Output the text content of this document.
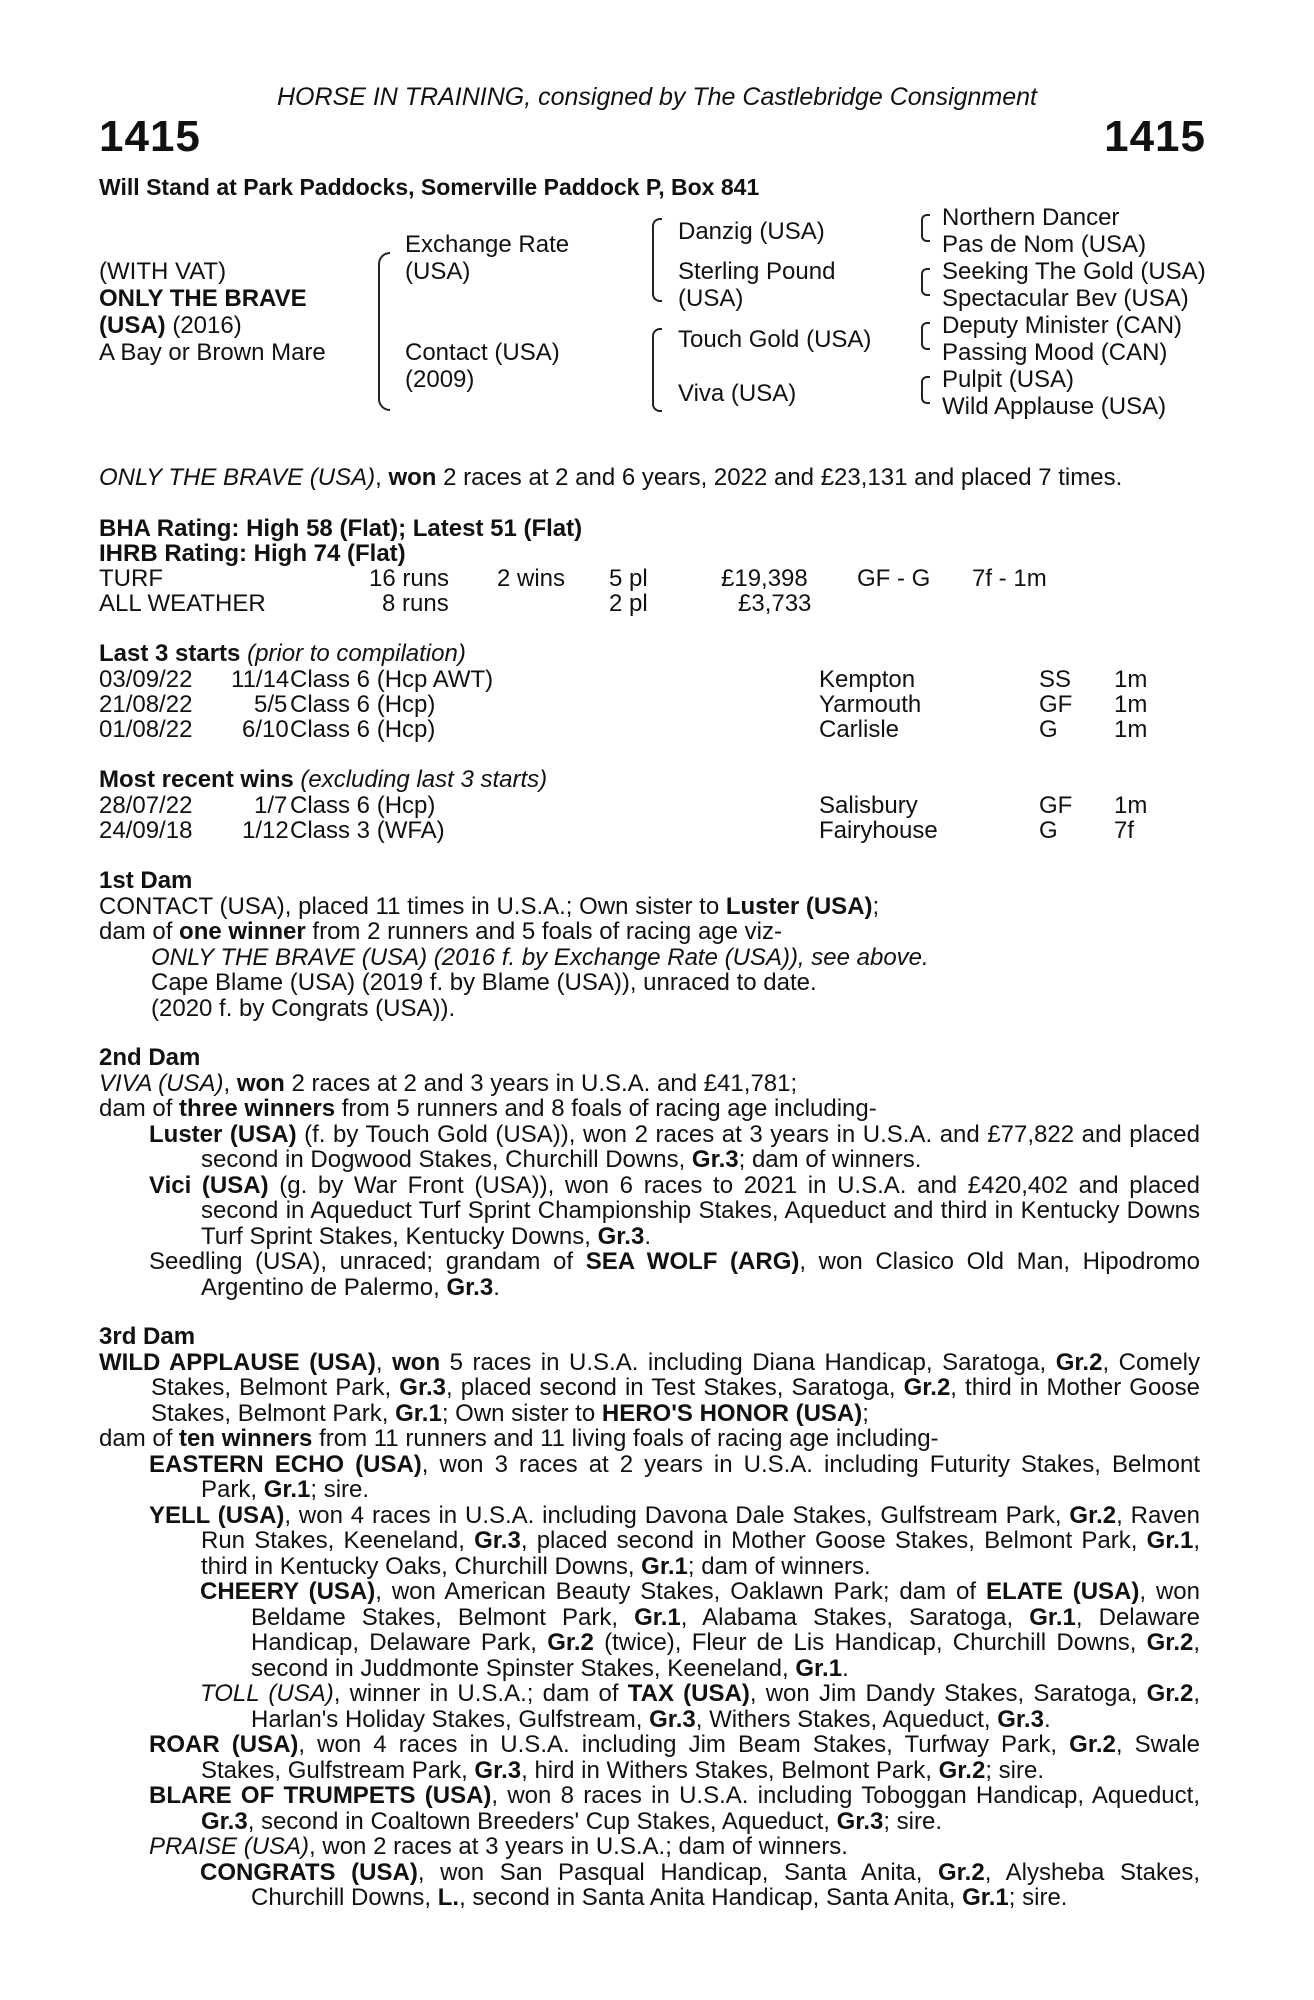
HORSE IN TRAINING, consigned by The Castlebridge Consignment
1415	1415
Will Stand at Park Paddocks, Somerville Paddock P, Box 841
(WITH VAT)
ONLY THE BRAVE
(USA) (2016)
A Bay or Brown Mare
Exchange Rate
(USA)
Contact (USA)
(2009)
Danzig (USA)
Sterling Pound
(USA)
Touch Gold (USA)
Viva (USA)
Northern Dancer
Pas de Nom (USA)
Seeking The Gold (USA)
Spectacular Bev (USA)
Deputy Minister (CAN)
Passing Mood (CAN)
Pulpit (USA)
Wild Applause (USA)
ONLY THE BRAVE (USA), won 2 races at 2 and 6 years, 2022 and £23,131 and placed 7 times.
BHA Rating: High 58 (Flat); Latest 51 (Flat)
IHRB Rating: High 74 (Flat)
TURF	16 runs 2 wins 5 pl	£19,398 GF - G 7f - 1m
ALL WEATHER	8 runs	2 pl	£3,733
Last 3 starts (prior to compilation)
03/09/22 11/14 Class 6 (Hcp AWT)	Kempton	SS 1m
21/08/22	5/5 Class 6 (Hcp)	Yarmouth	GF 1m
01/08/22 6/10 Class 6 (Hcp)	Carlisle	G 1m
Most recent wins (excluding last 3 starts)
28/07/22	1/7 Class 6 (Hcp)	Salisbury	GF 1m
24/09/18 1/12 Class 3 (WFA)	Fairyhouse	G 7f

1st Dam

CONTACT (USA), placed 11 times in U.S.A.; Own sister to Luster (USA);

dam of one winner from 2 runners and 5 foals of racing age viz-

ONLY THE BRAVE (USA) (2016 f. by Exchange Rate (USA)), see above.

Cape Blame (USA) (2019 f. by Blame (USA)), unraced to date.

(2020 f. by Congrats (USA)).

2nd Dam

VIVA (USA), won 2 races at 2 and 3 years in U.S.A. and £41,781;

dam of three winners from 5 runners and 8 foals of racing age including-

Luster (USA) (f. by Touch Gold (USA)), won 2 races at 3 years in U.S.A. and £77,822 and placed second in Dogwood Stakes, Churchill Downs, Gr.3; dam of winners.

Vici (USA) (g. by War Front (USA)), won 6 races to 2021 in U.S.A. and £420,402 and placed second in Aqueduct Turf Sprint Championship Stakes, Aqueduct and third in Kentucky Downs Turf Sprint Stakes, Kentucky Downs, Gr.3.

Seedling (USA), unraced; grandam of SEA WOLF (ARG), won Clasico Old Man, Hipodromo Argentino de Palermo, Gr.3.

3rd Dam

WILD APPLAUSE (USA), won 5 races in U.S.A. including Diana Handicap, Saratoga, Gr.2, Comely Stakes, Belmont Park, Gr.3, placed second in Test Stakes, Saratoga, Gr.2, third in Mother Goose Stakes, Belmont Park, Gr.1; Own sister to HERO'S HONOR (USA);

dam of ten winners from 11 runners and 11 living foals of racing age including-

EASTERN ECHO (USA), won 3 races at 2 years in U.S.A. including Futurity Stakes, Belmont Park, Gr.1; sire.

YELL (USA), won 4 races in U.S.A. including Davona Dale Stakes, Gulfstream Park, Gr.2, Raven Run Stakes, Keeneland, Gr.3, placed second in Mother Goose Stakes, Belmont Park, Gr.1, third in Kentucky Oaks, Churchill Downs, Gr.1; dam of winners.

CHEERY (USA), won American Beauty Stakes, Oaklawn Park; dam of ELATE (USA), won Beldame Stakes, Belmont Park, Gr.1, Alabama Stakes, Saratoga, Gr.1, Delaware Handicap, Delaware Park, Gr.2 (twice), Fleur de Lis Handicap, Churchill Downs, Gr.2, second in Juddmonte Spinster Stakes, Keeneland, Gr.1.

TOLL (USA), winner in U.S.A.; dam of TAX (USA), won Jim Dandy Stakes, Saratoga, Gr.2, Harlan's Holiday Stakes, Gulfstream, Gr.3, Withers Stakes, Aqueduct, Gr.3.

ROAR (USA), won 4 races in U.S.A. including Jim Beam Stakes, Turfway Park, Gr.2, Swale Stakes, Gulfstream Park, Gr.3, hird in Withers Stakes, Belmont Park, Gr.2; sire.

BLARE OF TRUMPETS (USA), won 8 races in U.S.A. including Toboggan Handicap, Aqueduct, Gr.3, second in Coaltown Breeders' Cup Stakes, Aqueduct, Gr.3; sire.

PRAISE (USA), won 2 races at 3 years in U.S.A.; dam of winners.

CONGRATS (USA), won San Pasqual Handicap, Santa Anita, Gr.2, Alysheba Stakes, Churchill Downs, L., second in Santa Anita Handicap, Santa Anita, Gr.1; sire.
